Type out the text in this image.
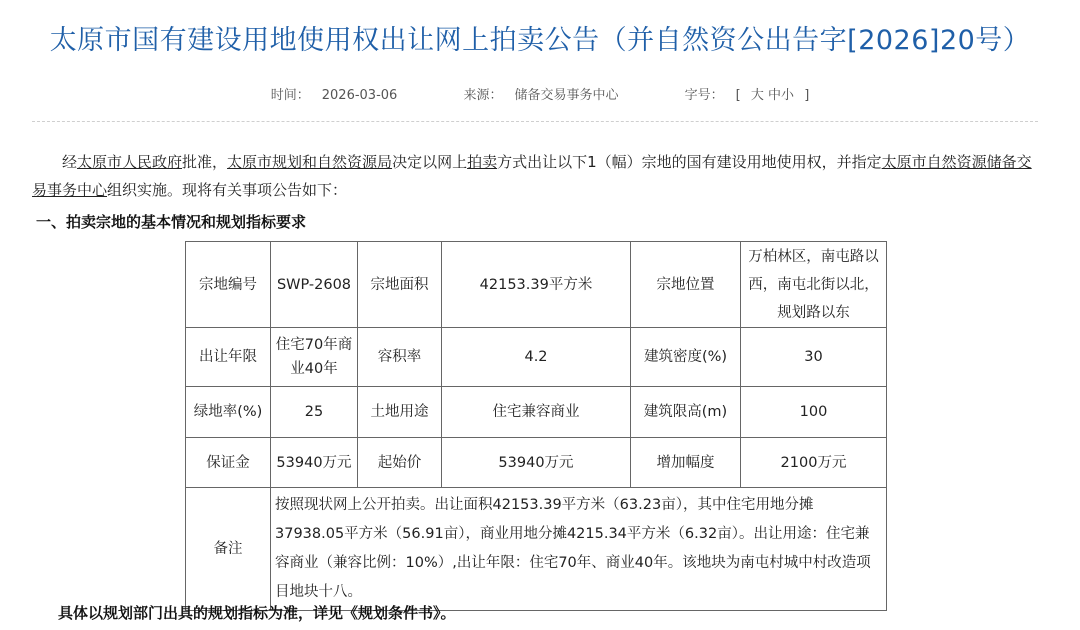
太原市国有建设用地使用权出让网上拍卖公告（并自然资公出告字[2026]20号）
时间： 2026-03-06	来源： 储备交易事务中心	字号： [ 大 中小 ]
经太原市人民政府批准，太原市规划和自然资源局决定以网上拍卖方式出让以下1（幅）宗地的国有建设用地使用权，并指定太原市自然资源储备交易事务中心组织实施。现将有关事项公告如下：
一、拍卖宗地的基本情况和规划指标要求
宗地编号	SWP-2608	宗地面积	42153.39平方米	宗地位置	万柏林区，南屯路以西，南屯北街以北，规划路以东
出让年限	住宅70年商业40年	容积率	4.2	建筑密度(%)	30
绿地率(%)	25	土地用途	住宅兼容商业	建筑限高(m)	100
保证金	53940万元	起始价	53940万元	增加幅度	2100万元
备注	按照现状网上公开拍卖。出让面积42153.39平方米（63.23亩），其中住宅用地分摊37938.05平方米（56.91亩），商业用地分摊4215.34平方米（6.32亩）。出让用途：住宅兼容商业（兼容比例：10%）,出让年限：住宅70年、商业40年。该地块为南屯村城中村改造项目地块十八。				
具体以规划部门出具的规划指标为准，详见《规划条件书》。
